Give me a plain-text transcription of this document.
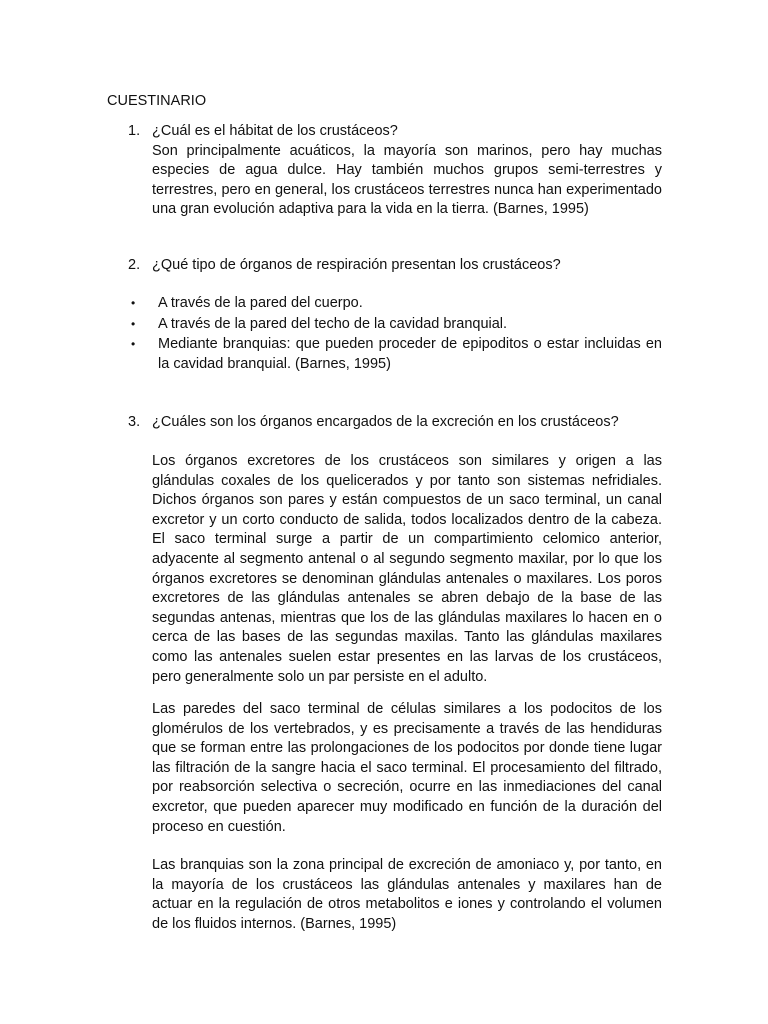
CUESTINARIO
1. ¿Cuál es el hábitat de los crustáceos?

Son principalmente acuáticos, la mayoría son marinos, pero hay muchas especies de agua dulce. Hay también muchos grupos semi-terrestres y terrestres, pero en general, los crustáceos terrestres nunca han experimentado una gran evolución adaptiva para la vida en la tierra. (Barnes, 1995)

2. ¿Qué tipo de órganos de respiración presentan los crustáceos?
• A través de la pared del cuerpo.
• A través de la pared del techo de la cavidad branquial.
• Mediante branquias: que pueden proceder de epipoditos o estar incluidas en la cavidad branquial. (Barnes, 1995)

3. ¿Cuáles son los órganos encargados de la excreción en los crustáceos?

Los órganos excretores de los crustáceos son similares y origen a las glándulas coxales de los quelicerados y por tanto son sistemas nefridiales. Dichos órganos son pares y están compuestos de un saco terminal, un canal excretor y un corto conducto de salida, todos localizados dentro de la cabeza. El saco terminal surge a partir de un compartimiento celomico anterior, adyacente al segmento antenal o al segundo segmento maxilar, por lo que los órganos excretores se denominan glándulas antenales o maxilares. Los poros excretores de las glándulas antenales se abren debajo de la base de las segundas antenas, mientras que los de las glándulas maxilares lo hacen en o cerca de las bases de las segundas maxilas. Tanto las glándulas maxilares como las antenales suelen estar presentes en las larvas de los crustáceos, pero generalmente solo un par persiste en el adulto.

Las paredes del saco terminal de células similares a los podocitos de los glomérulos de los vertebrados, y es precisamente a través de las hendiduras que se forman entre las prolongaciones de los podocitos por donde tiene lugar las filtración de la sangre hacia el saco terminal. El procesamiento del filtrado, por reabsorción selectiva o secreción, ocurre en las inmediaciones del canal excretor, que pueden aparecer muy modificado en función de la duración del proceso en cuestión.

Las branquias son la zona principal de excreción de amoniaco y, por tanto, en la mayoría de los crustáceos las glándulas antenales y maxilares han de actuar en la regulación de otros metabolitos e iones y controlando el volumen de los fluidos internos. (Barnes, 1995)
